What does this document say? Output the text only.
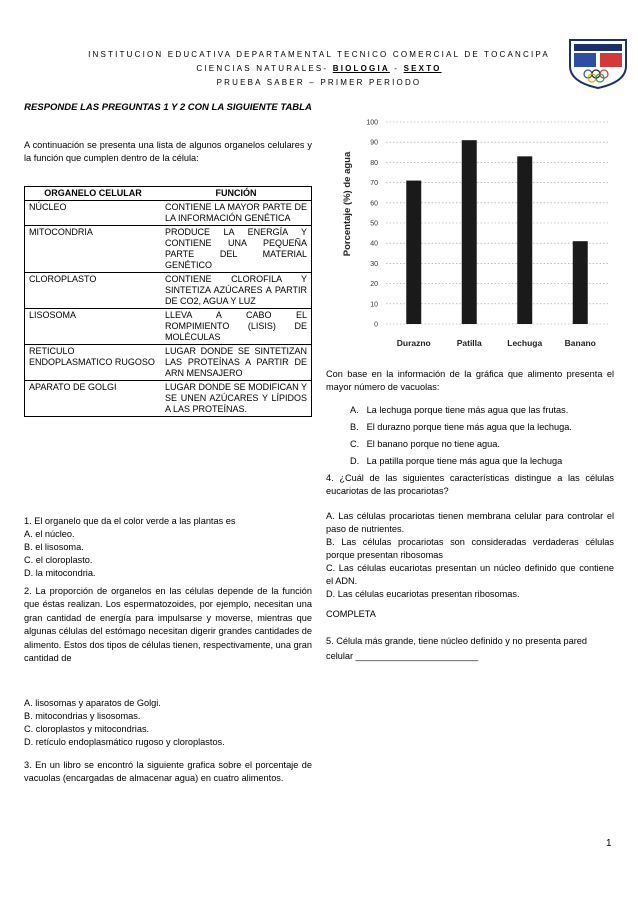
INSTITUCION EDUCATIVA DEPARTAMENTAL TECNICO COMERCIAL DE TOCANCIPA
CIENCIAS NATURALES- BIOLOGIA - SEXTO
PRUEBA SABER – PRIMER PERIODO
RESPONDE LAS PREGUNTAS 1 Y 2 CON LA SIGUIENTE TABLA
A continuación se presenta una lista de algunos organelos celulares y la función que cumplen dentro de la célula:
ORGANELO CELULAR	FUNCIÓN
NÚCLEO	CONTIENE LA MAYOR PARTE DE LA INFORMACIÓN GENÉTICA
MITOCONDRIA	PRODUCE LA ENERGÍA Y CONTIENE UNA PEQUEÑA PARTE DEL MATERIAL GENÉTICO
CLOROPLASTO	CONTIENE CLOROFILA Y SINTETIZA AZÚCARES A PARTIR DE CO2, AGUA Y LUZ
LISOSOMA	LLEVA A CABO EL ROMPIMIENTO (LISIS) DE MOLÉCULAS
RETICULO ENDOPLASMATICO RUGOSO	LUGAR DONDE SE SINTETIZAN LAS PROTEÍNAS A PARTIR DE ARN MENSAJERO
APARATO DE GOLGI	LUGAR DONDE SE MODIFICAN Y SE UNEN AZÚCARES Y LÍPIDOS A LAS PROTEÍNAS.
1. El organelo que da el color verde a las plantas es
A. el núcleo.
B. el lisosoma.
C. el cloroplasto.
D. la mitocondria.
2. La proporción de organelos en las células depende de la función que éstas realizan. Los espermatozoides, por ejemplo, necesitan una gran cantidad de energía para impulsarse y moverse, mientras que algunas células del estómago necesitan digerir grandes cantidades de alimento. Estos dos tipos de células tienen, respectivamente, una gran cantidad de
A. lisosomas y aparatos de Golgi.
B. mitocondrias y lisosomas.
C. cloroplastos y mitocondrias.
D. retículo endoplasmático rugoso y cloroplastos.
3. En un libro se encontró la siguiente grafica sobre el porcentaje de vacuolas (encargadas de almacenar agua) en cuatro alimentos.
0
10
20
30
40
50
60
70
80
90
100
Durazno	Patilla	Lechuga	Banano
Porcentaje (%) de agua
Con base en la información de la gráfica que alimento presenta el mayor número de vacuolas:
A. La lechuga porque tiene más agua que las frutas.
B. El durazno porque tiene más agua que la lechuga.
C. El banano porque no tiene agua.
D. La patilla porque tiene más agua que la lechuga
4. ¿Cuál de las siguientes características distingue a las células eucariotas de las procariotas?
A. Las células procariotas tienen membrana celular para controlar el paso de nutrientes.
B. Las células procariotas son consideradas verdaderas células porque presentan ribosomas
C. Las células eucariotas presentan un núcleo definido que contiene el ADN.
D. Las células eucariotas presentan ribosomas.
COMPLETA
5. Célula más grande, tiene núcleo definido y no presenta pared celular ________________________
1
